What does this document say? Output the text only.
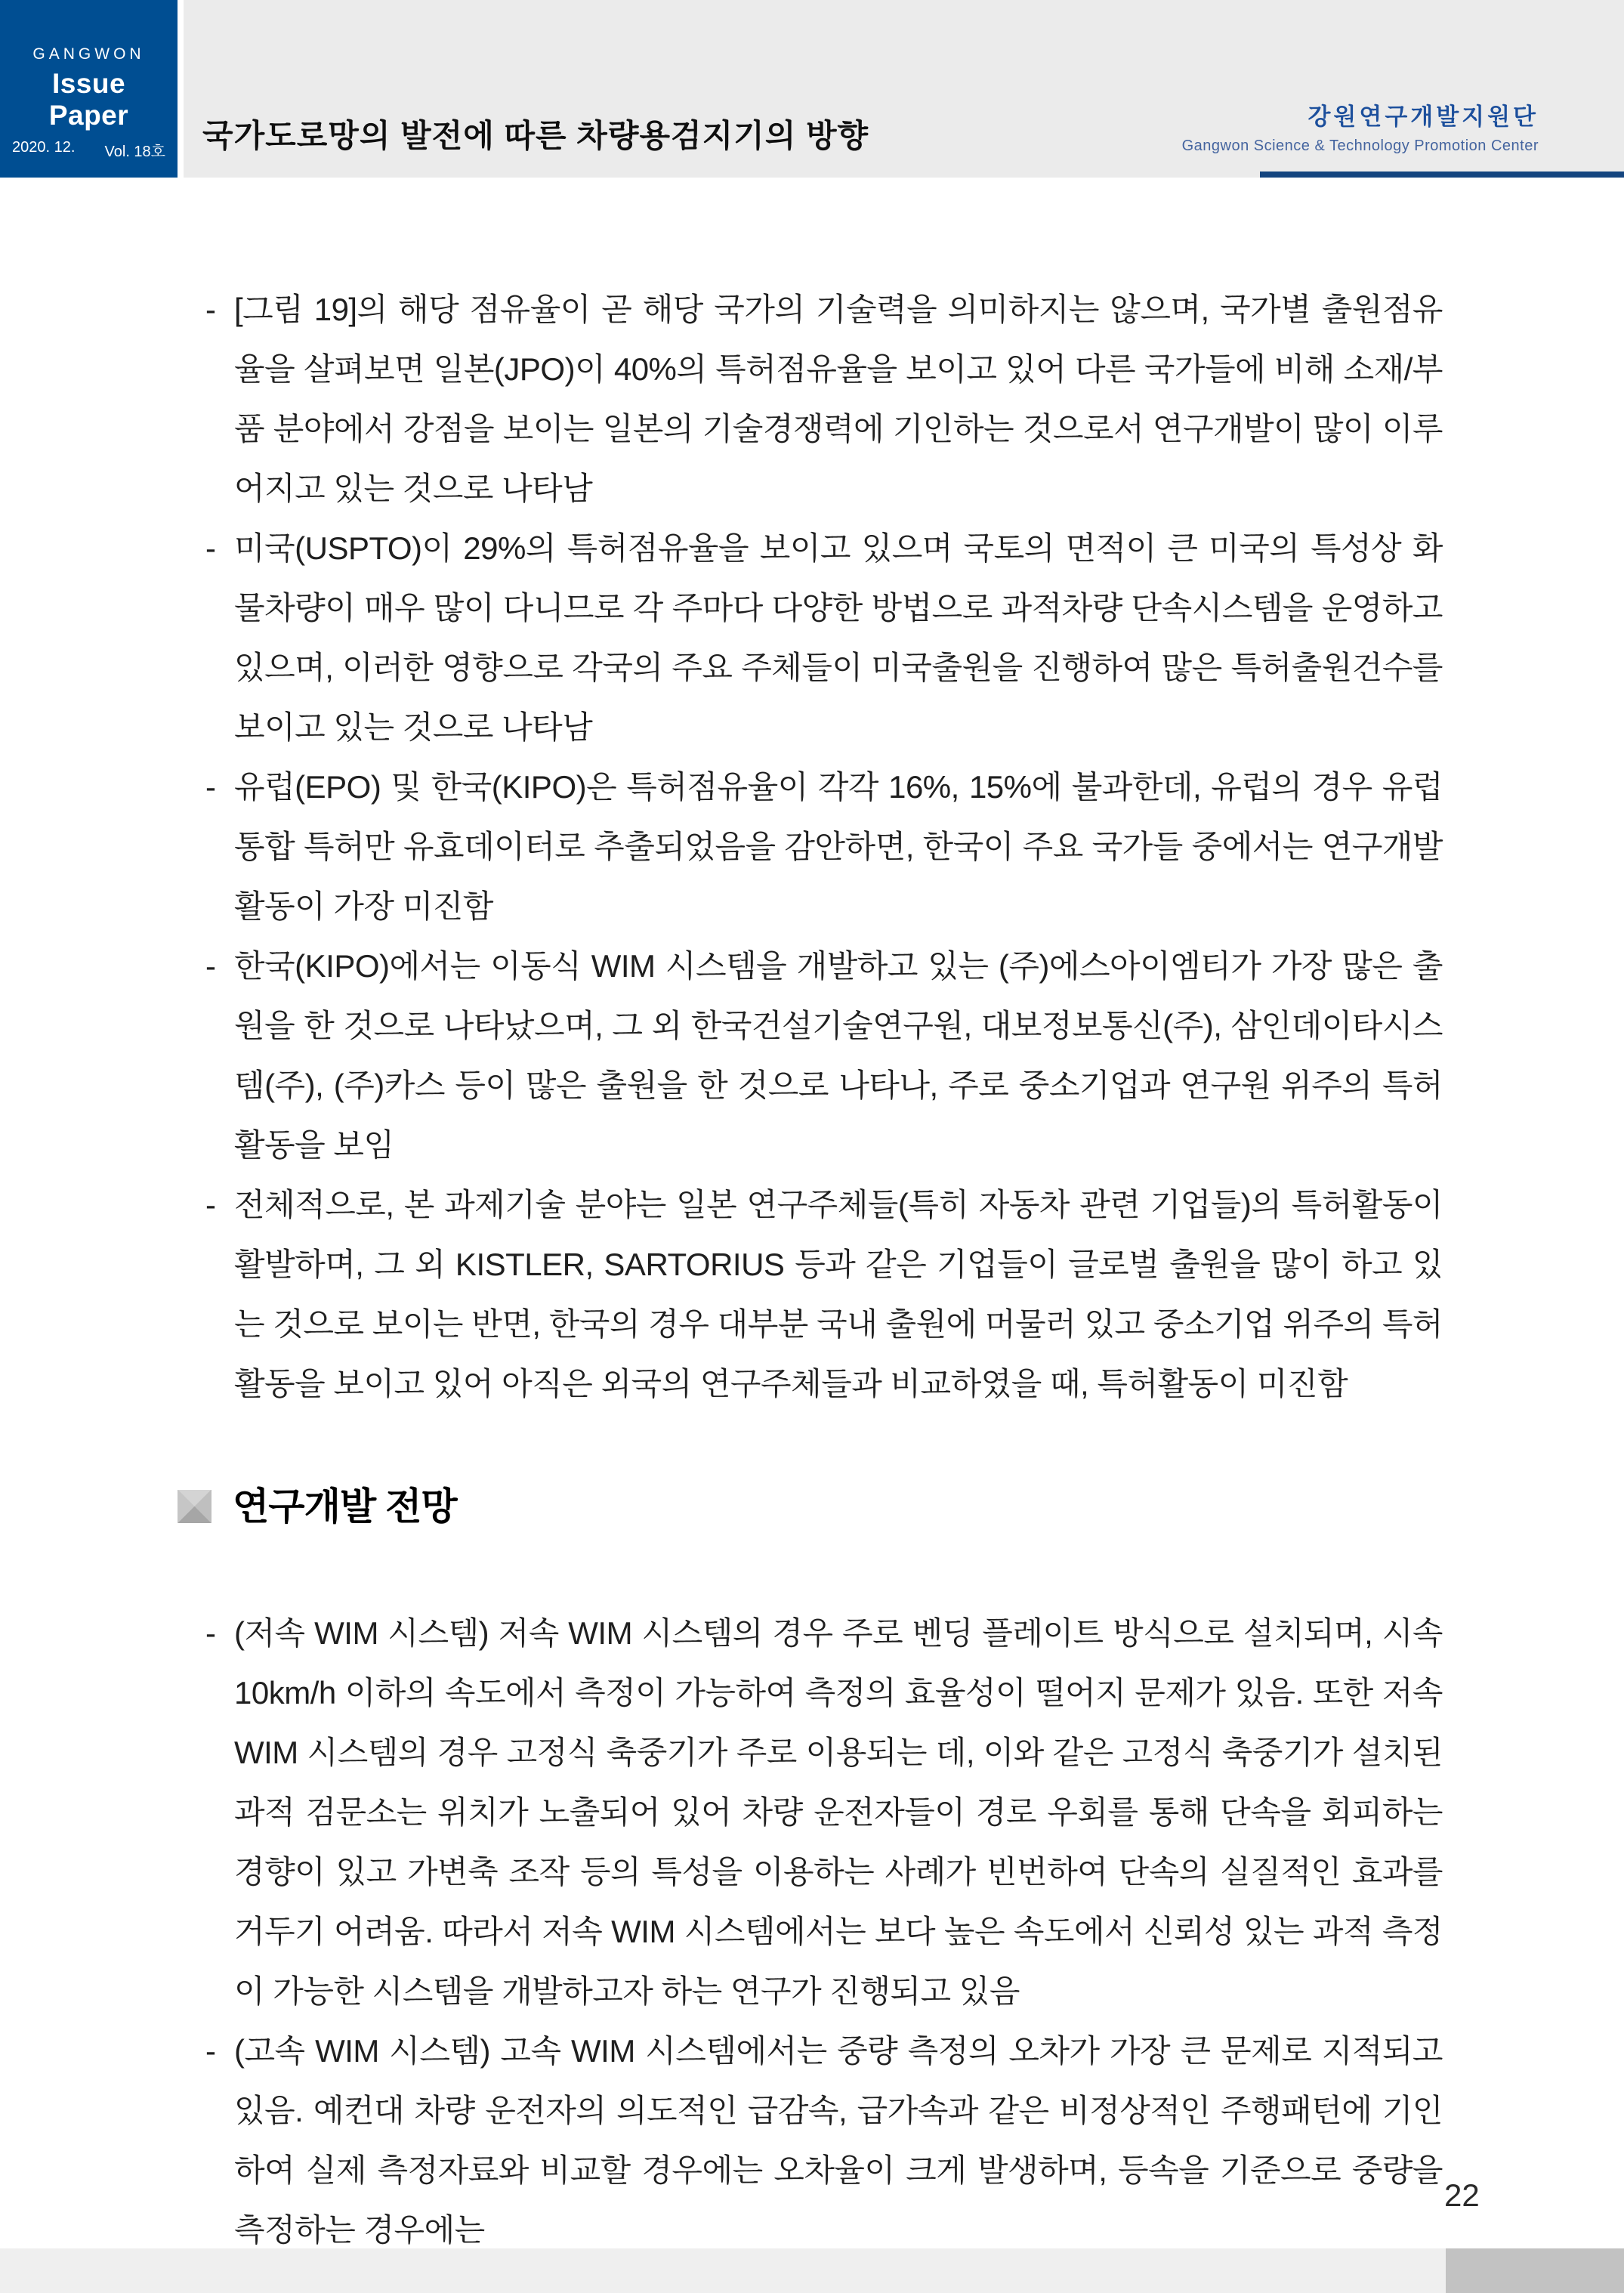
GANGWON
Issue Paper
2020. 12. Vol. 18호 국가도로망의 발전에 따른 차량용검지기의 방향
강원연구개발지원단
Gangwon Science & Technology Promotion Center

- [그림 19]의 해당 점유율이 곧 해당 국가의 기술력을 의미하지는 않으며, 국가별 출원점유율을 살펴보면 일본(JPO)이 40%의 특허점유율을 보이고 있어 다른 국가들에 비해 소재/부품 분야에서 강점을 보이는 일본의 기술경쟁력에 기인하는 것으로서 연구개발이 많이 이루어지고 있는 것으로 나타남

- 미국(USPTO)이 29%의 특허점유율을 보이고 있으며 국토의 면적이 큰 미국의 특성상 화물차량이 매우 많이 다니므로 각 주마다 다양한 방법으로 과적차량 단속시스템을 운영하고 있으며, 이러한 영향으로 각국의 주요 주체들이 미국출원을 진행하여 많은 특허출원건수를 보이고 있는 것으로 나타남

- 유럽(EPO) 및 한국(KIPO)은 특허점유율이 각각 16%, 15%에 불과한데, 유럽의 경우 유럽통합 특허만 유효데이터로 추출되었음을 감안하면, 한국이 주요 국가들 중에서는 연구개발활동이 가장 미진함

- 한국(KIPO)에서는 이동식 WIM 시스템을 개발하고 있는 (주)에스아이엠티가 가장 많은 출원을 한 것으로 나타났으며, 그 외 한국건설기술연구원, 대보정보통신(주), 삼인데이타시스템(주), (주)카스 등이 많은 출원을 한 것으로 나타나, 주로 중소기업과 연구원 위주의 특허활동을 보임

- 전체적으로, 본 과제기술 분야는 일본 연구주체들(특히 자동차 관련 기업들)의 특허활동이 활발하며, 그 외 KISTLER, SARTORIUS 등과 같은 기업들이 글로벌 출원을 많이 하고 있는 것으로 보이는 반면, 한국의 경우 대부분 국내 출원에 머물러 있고 중소기업 위주의 특허활동을 보이고 있어 아직은 외국의 연구주체들과 비교하였을 때, 특허활동이 미진함

연구개발 전망

- (저속 WIM 시스템) 저속 WIM 시스템의 경우 주로 벤딩 플레이트 방식으로 설치되며, 시속 10km/h 이하의 속도에서 측정이 가능하여 측정의 효율성이 떨어지 문제가 있음. 또한 저속 WIM 시스템의 경우 고정식 축중기가 주로 이용되는 데, 이와 같은 고정식 축중기가 설치된 과적 검문소는 위치가 노출되어 있어 차량 운전자들이 경로 우회를 통해 단속을 회피하는 경향이 있고 가변축 조작 등의 특성을 이용하는 사례가 빈번하여 단속의 실질적인 효과를 거두기 어려움. 따라서 저속 WIM 시스템에서는 보다 높은 속도에서 신뢰성 있는 과적 측정이 가능한 시스템을 개발하고자 하는 연구가 진행되고 있음

- (고속 WIM 시스템) 고속 WIM 시스템에서는 중량 측정의 오차가 가장 큰 문제로 지적되고 있음. 예컨대 차량 운전자의 의도적인 급감속, 급가속과 같은 비정상적인 주행패턴에 기인하여 실제 측정자료와 비교할 경우에는 오차율이 크게 발생하며, 등속을 기준으로 중량을 측정하는 경우에는

22
